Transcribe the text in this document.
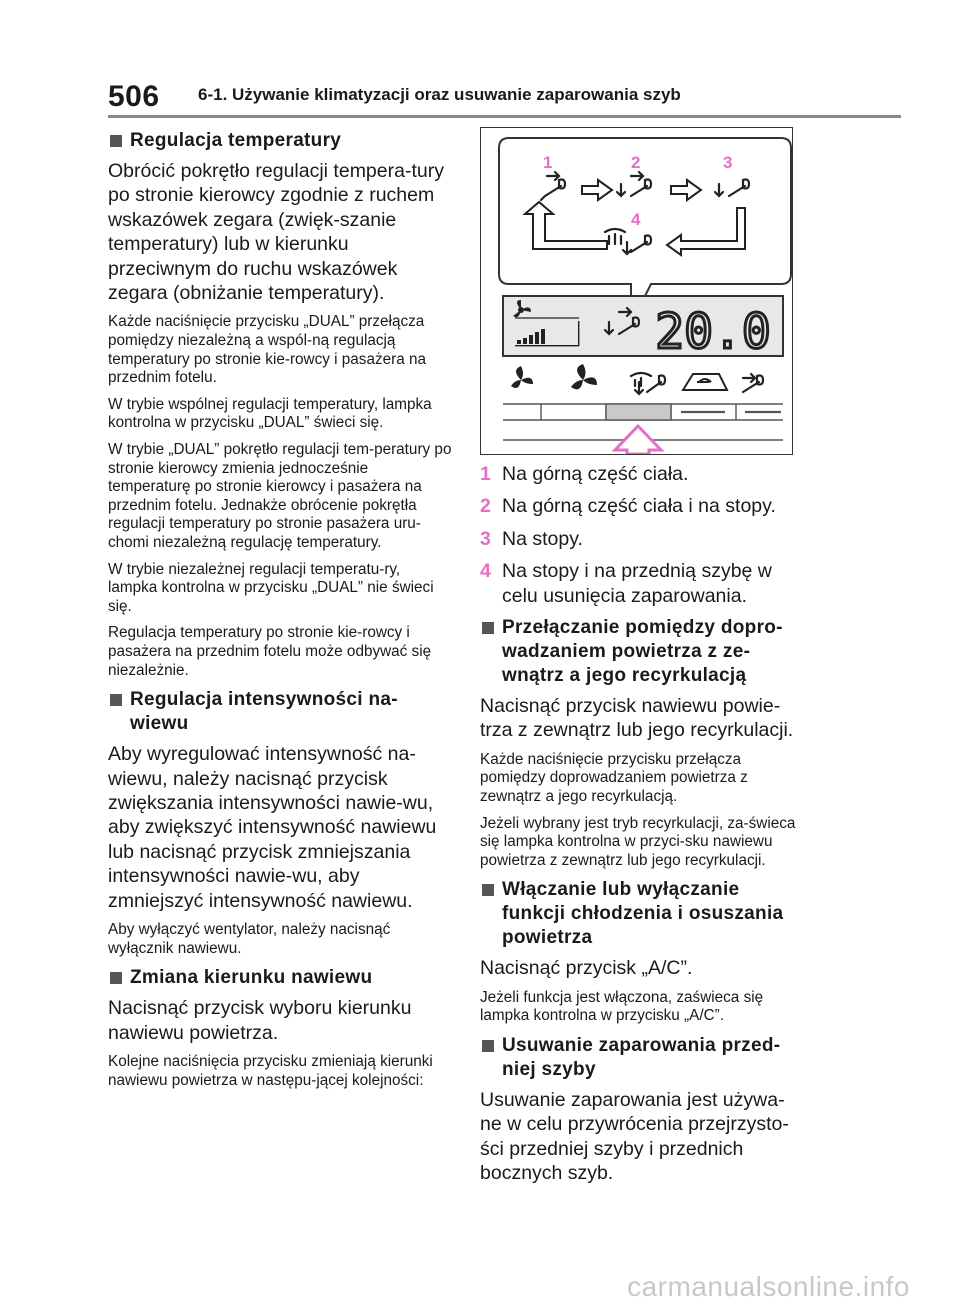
506 6-1. Używanie klimatyzacji oraz usuwanie zaparowania szyb
Regulacja temperatury

Obrócić pokrętło regulacji tempera-tury po stronie kierowcy zgodnie z ruchem wskazówek zegara (zwięk-szanie temperatury) lub w kierunku przeciwnym do ruchu wskazówek zegara (obniżanie temperatury).

Każde naciśnięcie przycisku „DUAL” przełącza pomiędzy niezależną a wspól-ną regulacją temperatury po stronie kie-rowcy i pasażera na przednim fotelu.

W trybie wspólnej regulacji temperatury, lampka kontrolna w przycisku „DUAL” świeci się.

W trybie „DUAL” pokrętło regulacji tem-peratury po stronie kierowcy zmienia jednocześnie temperaturę po stronie kierowcy i pasażera na przednim fotelu. Jednakże obrócenie pokrętła regulacji temperatury po stronie pasażera uru-chomi niezależną regulację temperatury.

W trybie niezależnej regulacji temperatu-ry, lampka kontrolna w przycisku „DUAL” nie świeci się.

Regulacja temperatury po stronie kie-rowcy i pasażera na przednim fotelu może odbywać się niezależnie.

Regulacja intensywności na-wiewu

Aby wyregulować intensywność na-wiewu, należy nacisnąć przycisk zwiększania intensywności nawie-wu, aby zwiększyć intensywność nawiewu lub nacisnąć przycisk zmniejszania intensywności nawie-wu, aby zmniejszyć intensywność nawiewu.

Aby wyłączyć wentylator, należy nacisnąć wyłącznik nawiewu.

Zmiana kierunku nawiewu

Nacisnąć przycisk wyboru kierunku nawiewu powietrza.

Kolejne naciśnięcia przycisku zmieniają kierunki nawiewu powietrza w następu-jącej kolejności:

1	2	3
4
20.0
1 Na górną część ciała.
2 Na górną część ciała i na stopy.
3 Na stopy.
4 Na stopy i na przednią szybę w celu usunięcia zaparowania.
Przełączanie pomiędzy dopro-wadzaniem powietrza z ze-wnątrz a jego recyrkulacją

Nacisnąć przycisk nawiewu powie-trza z zewnątrz lub jego recyrkulacji.

Każde naciśnięcie przycisku przełącza pomiędzy doprowadzaniem powietrza z zewnątrz a jego recyrkulacją.

Jeżeli wybrany jest tryb recyrkulacji, za-świeca się lampka kontrolna w przyci-sku nawiewu powietrza z zewnątrz lub jego recyrkulacji.

Włączanie lub wyłączanie funkcji chłodzenia i osuszania powietrza

Nacisnąć przycisk „A/C”.

Jeżeli funkcja jest włączona, zaświeca się lampka kontrolna w przycisku „A/C”.

Usuwanie zaparowania przed-niej szyby

Usuwanie zaparowania jest używa-ne w celu przywrócenia przejrzysto-ści przedniej szyby i przednich bocznych szyb.

carmanualsonline.info
